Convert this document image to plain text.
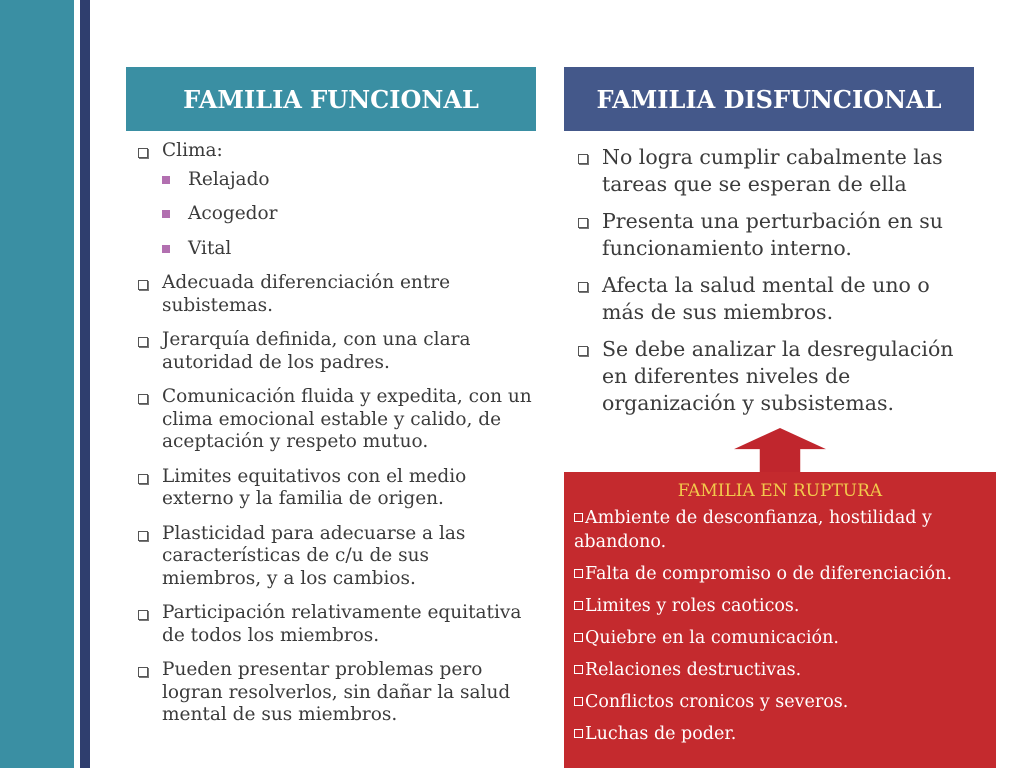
FAMILIA FUNCIONAL	FAMILIA DISFUNCIONAL
Clima:
Relajado
Acogedor
Vital
Adecuada diferenciación entre subistemas.
Jerarquía definida, con una clara autoridad de los padres.
Comunicación fluida y expedita, con un clima emocional estable y calido, de aceptación y respeto mutuo.
Limites equitativos con el medio externo y la familia de origen.
Plasticidad para adecuarse a las características de c/u de sus miembros, y a los cambios.
Participación relativamente equitativa de todos los miembros.
Pueden presentar problemas pero logran resolverlos, sin dañar la salud mental de sus miembros.
No logra cumplir cabalmente las tareas que se esperan de ella
Presenta una perturbación en su funcionamiento interno.
Afecta la salud mental de uno o más de sus miembros.
Se debe analizar la desregulación en diferentes niveles de organización y subsistemas.
FAMILIA EN RUPTURA
Ambiente de desconfianza, hostilidad y abandono.
Falta de compromiso o de diferenciación.
Limites y roles caoticos.
Quiebre en la comunicación.
Relaciones destructivas.
Conflictos cronicos y severos.
Luchas de poder.
